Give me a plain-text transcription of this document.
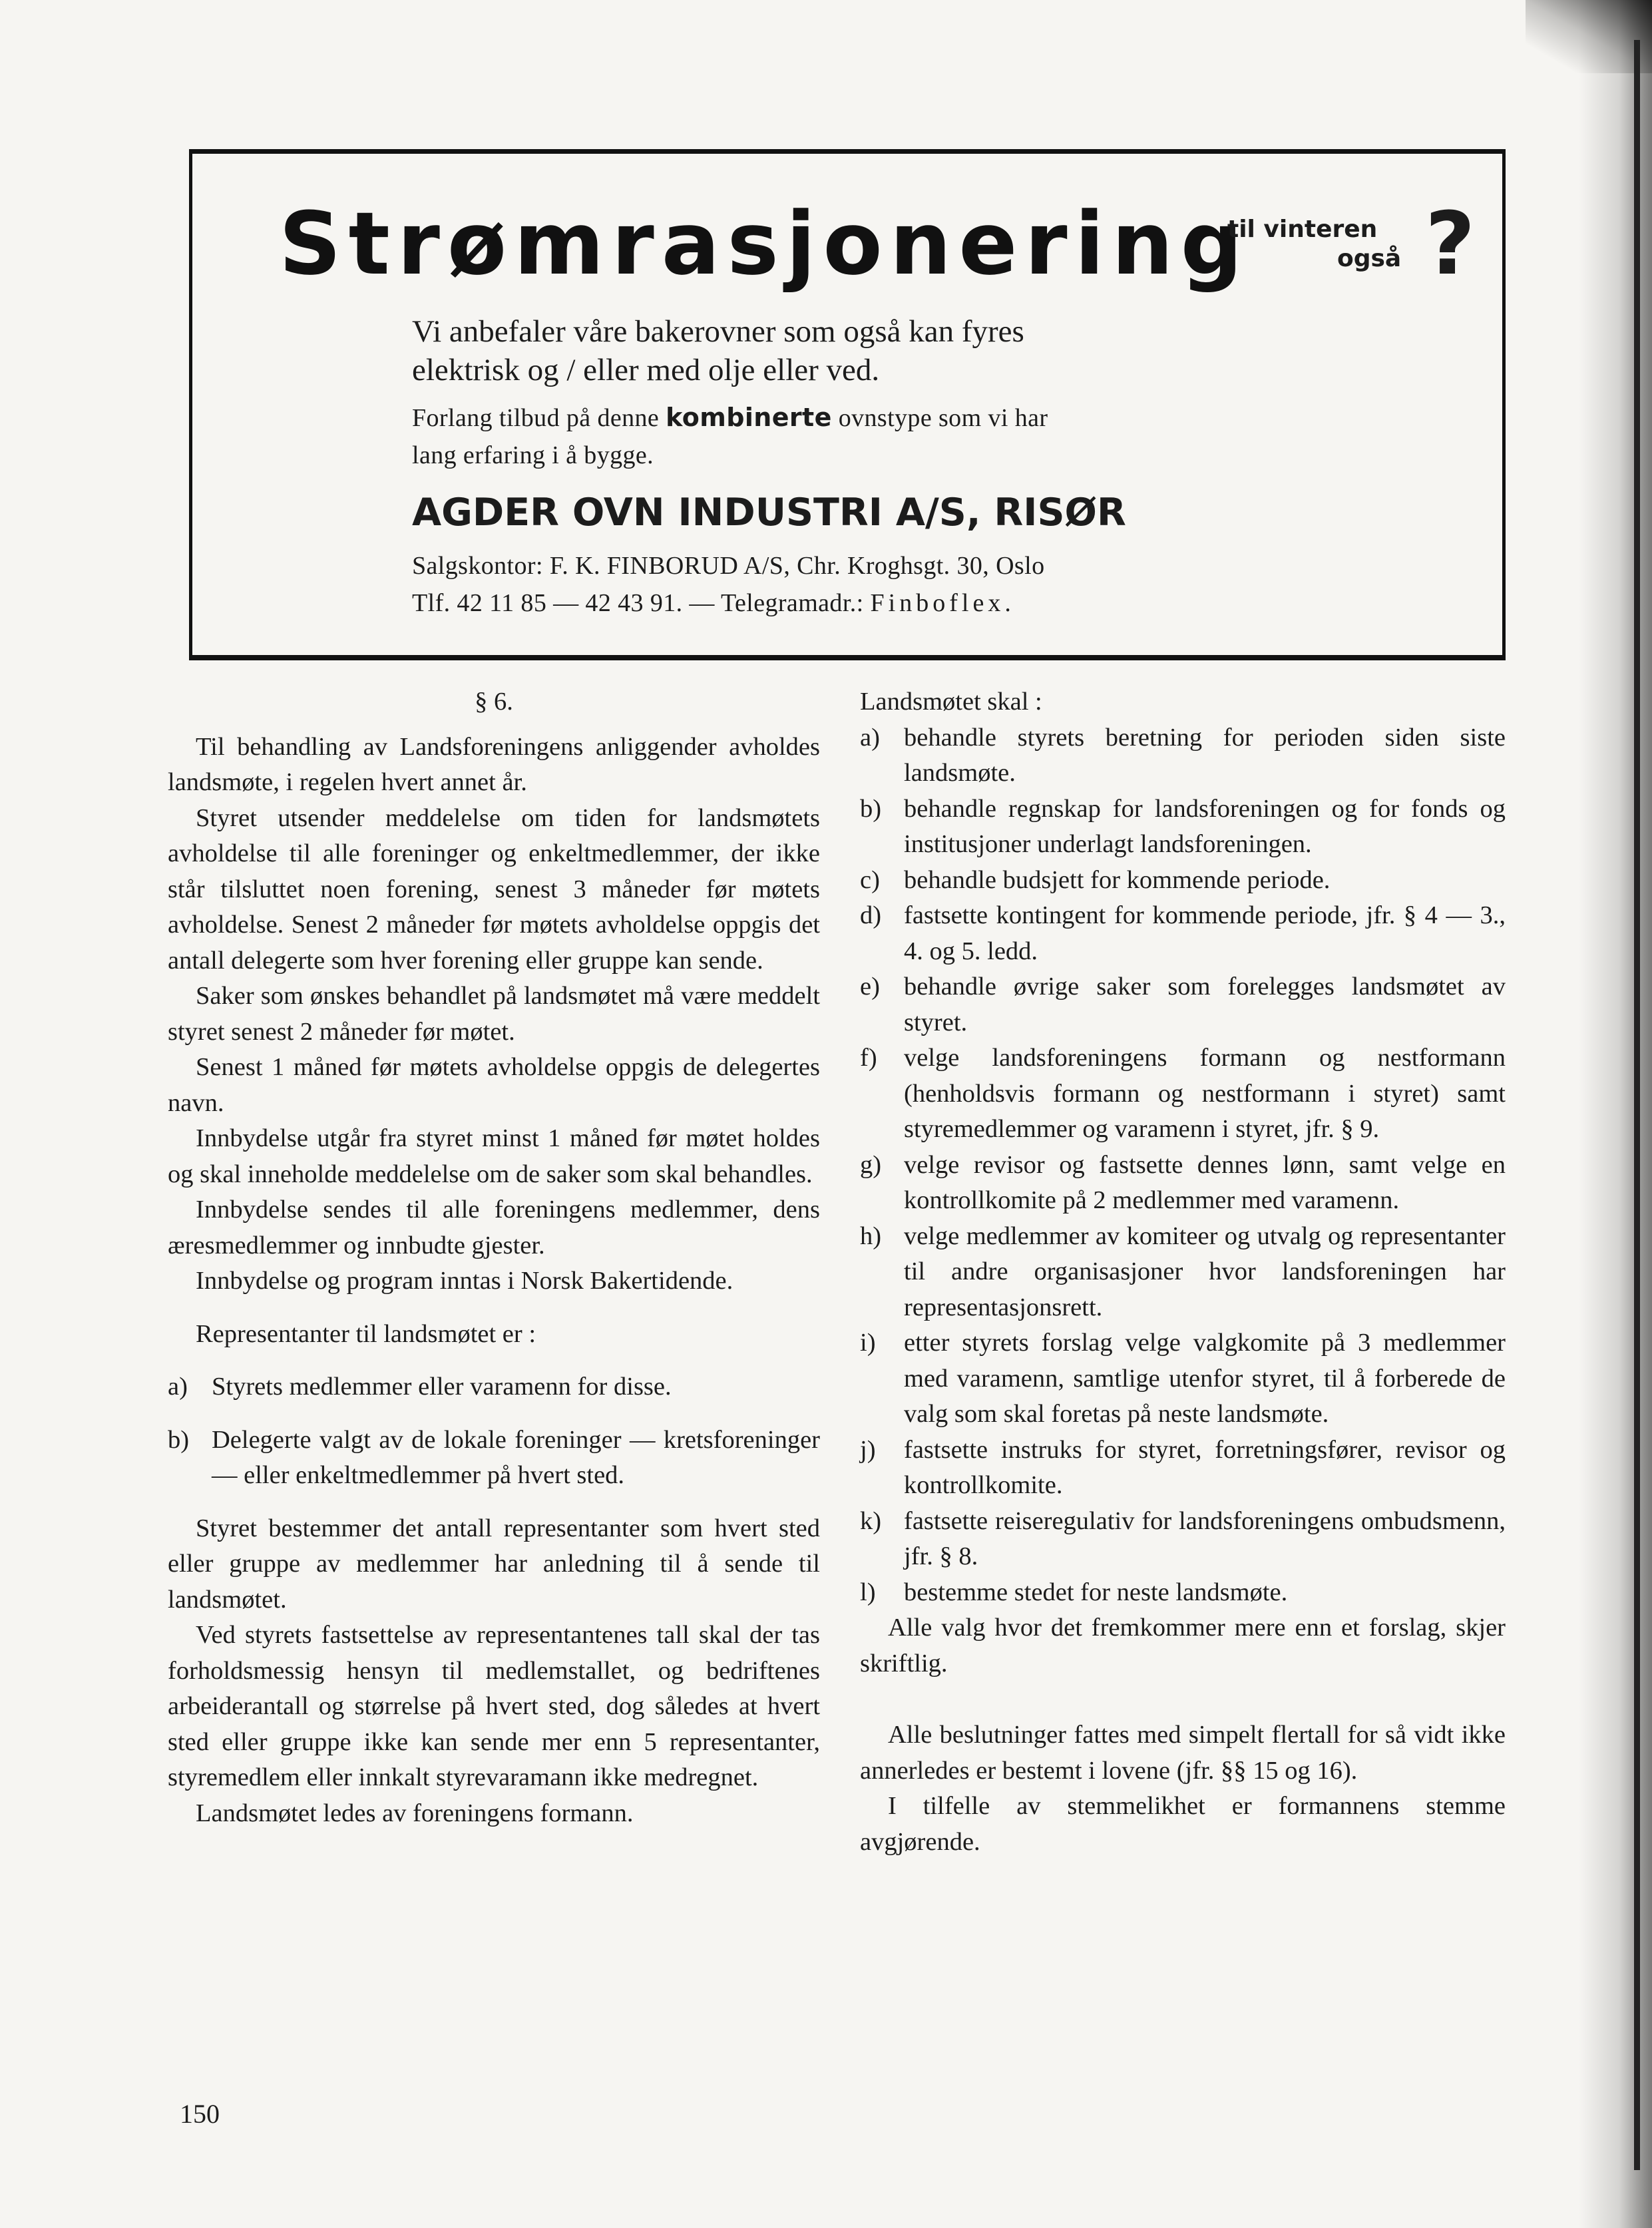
Strømrasjonering
til vinteren
også ?
Vi anbefaler våre bakerovner som også kan fyres
elektrisk og / eller med olje eller ved.
Forlang tilbud på denne kombinerte ovnstype som vi har
lang erfaring i å bygge.
AGDER OVN INDUSTRI A/S, RISØR
Salgskontor: F. K. FINBORUD A/S, Chr. Kroghsgt. 30, Oslo
Tlf. 42 11 85 — 42 43 91. — Telegramadr.: Finboflex.
§ 6.

Til behandling av Landsforeningens anliggender avholdes landsmøte, i regelen hvert annet år.

Styret utsender meddelelse om tiden for landsmøtets avholdelse til alle foreninger og enkeltmedlemmer, der ikke står tilsluttet noen forening, senest 3 måneder før møtets avholdelse. Senest 2 måneder før møtets avholdelse oppgis det antall delegerte som hver forening eller gruppe kan sende.

Saker som ønskes behandlet på landsmøtet må være meddelt styret senest 2 måneder før møtet.

Senest 1 måned før møtets avholdelse oppgis de delegertes navn.

Innbydelse utgår fra styret minst 1 måned før møtet holdes og skal inneholde meddelelse om de saker som skal behandles.

Innbydelse sendes til alle foreningens medlemmer, dens æresmedlemmer og innbudte gjester.

Innbydelse og program inntas i Norsk Bakertidende.

Representanter til landsmøtet er :

a) Styrets medlemmer eller varamenn for disse.
b) Delegerte valgt av de lokale foreninger — kretsforeninger — eller enkeltmedlemmer på hvert sted.

Styret bestemmer det antall representanter som hvert sted eller gruppe av medlemmer har anledning til å sende til landsmøtet.

Ved styrets fastsettelse av representantenes tall skal der tas forholdsmessig hensyn til medlemstallet, og bedriftenes arbeiderantall og størrelse på hvert sted, dog således at hvert sted eller gruppe ikke kan sende mer enn 5 representanter, styremedlem eller innkalt styrevaramann ikke medregnet.

Landsmøtet ledes av foreningens formann.

Landsmøtet skal :

a) behandle styrets beretning for perioden siden siste landsmøte.
b) behandle regnskap for landsforeningen og for fonds og institusjoner underlagt landsforeningen.
c) behandle budsjett for kommende periode.
d) fastsette kontingent for kommende periode, jfr. § 4 — 3., 4. og 5. ledd.
e) behandle øvrige saker som forelegges landsmøtet av styret.
f)	velge landsforeningens formann og nestformann (henholdsvis formann og nestformann i styret) samt styremedlemmer og varamenn i styret, jfr. § 9.
g) velge revisor og fastsette dennes lønn, samt velge en kontrollkomite på 2 medlemmer med varamenn.
h) velge medlemmer av komiteer og utvalg og representanter til andre organisasjoner hvor landsforeningen har representasjonsrett.
i)	etter styrets forslag velge valgkomite på 3 medlemmer med varamenn, samtlige utenfor styret, til å forberede de valg som skal foretas på neste landsmøte.
j)	fastsette instruks for styret, forretningsfører, revisor og kontrollkomite.
k) fastsette reiseregulativ for landsforeningens ombudsmenn, jfr. § 8.
l)	bestemme stedet for neste landsmøte.

Alle valg hvor det fremkommer mere enn et forslag, skjer skriftlig.

Alle beslutninger fattes med simpelt flertall for så vidt ikke annerledes er bestemt i lovene (jfr. §§ 15 og 16).

I tilfelle av stemmelikhet er formannens stemme avgjørende.

150
